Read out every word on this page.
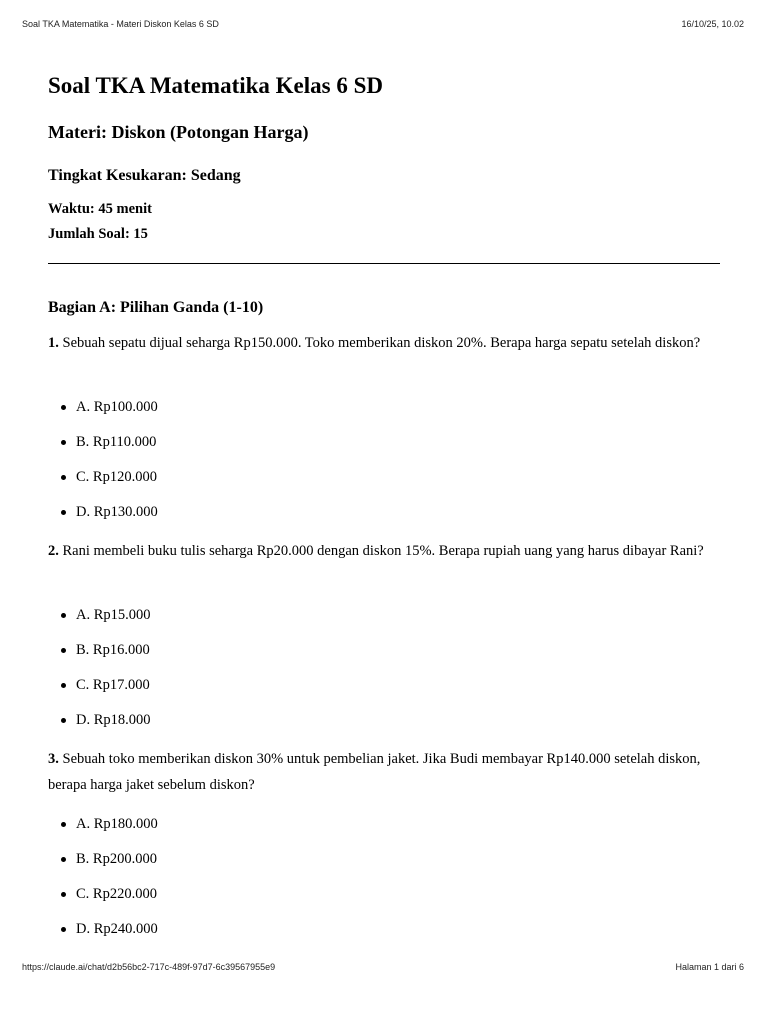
Soal TKA Matematika - Materi Diskon Kelas 6 SD	16/10/25, 10.02
Soal TKA Matematika Kelas 6 SD
Materi: Diskon (Potongan Harga)
Tingkat Kesukaran: Sedang

Waktu: 45 menit

Jumlah Soal: 15

Bagian A: Pilihan Ganda (1-10)

1. Sebuah sepatu dijual seharga Rp150.000. Toko memberikan diskon 20%. Berapa harga sepatu setelah diskon?

A. Rp100.000
B. Rp110.000
C. Rp120.000
D. Rp130.000

2. Rani membeli buku tulis seharga Rp20.000 dengan diskon 15%. Berapa rupiah uang yang harus dibayar Rani?

A. Rp15.000
B. Rp16.000
C. Rp17.000
D. Rp18.000

3. Sebuah toko memberikan diskon 30% untuk pembelian jaket. Jika Budi membayar Rp140.000 setelah diskon, berapa harga jaket sebelum diskon?

A. Rp180.000
B. Rp200.000
C. Rp220.000
D. Rp240.000
https://claude.ai/chat/d2b56bc2-717c-489f-97d7-6c39567955e9	Halaman 1 dari 6
